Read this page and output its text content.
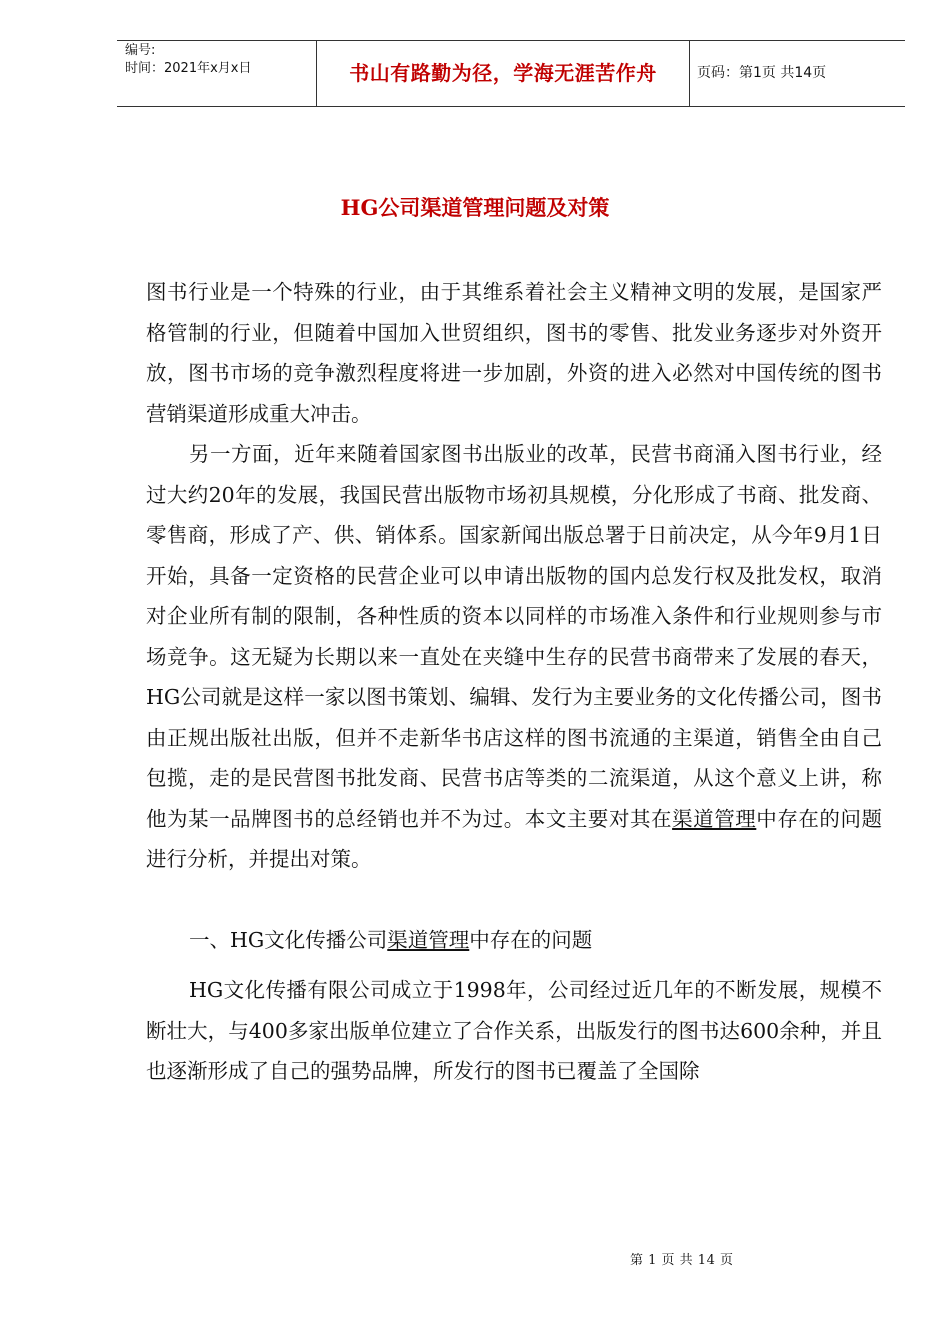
编号:
时间：2021年x月x日	书山有路勤为径，学海无涯苦作舟	页码：第1页 共14页
HG公司渠道管理问题及对策

图书行业是一个特殊的行业，由于其维系着社会主义精神文明的发展，是国家严格管制的行业，但随着中国加入世贸组织，图书的零售、批发业务逐步对外资开放，图书市场的竞争激烈程度将进一步加剧，外资的进入必然对中国传统的图书营销渠道形成重大冲击。

另一方面，近年来随着国家图书出版业的改革，民营书商涌入图书行业，经过大约20年的发展，我国民营出版物市场初具规模，分化形成了书商、批发商、零售商，形成了产、供、销体系。国家新闻出版总署于日前决定，从今年9月1日开始，具备一定资格的民营企业可以申请出版物的国内总发行权及批发权，取消对企业所有制的限制，各种性质的资本以同样的市场准入条件和行业规则参与市场竞争。这无疑为长期以来一直处在夹缝中生存的民营书商带来了发展的春天，HG公司就是这样一家以图书策划、编辑、发行为主要业务的文化传播公司，图书由正规出版社出版，但并不走新华书店这样的图书流通的主渠道，销售全由自己包揽，走的是民营图书批发商、民营书店等类的二流渠道，从这个意义上讲，称他为某一品牌图书的总经销也并不为过。本文主要对其在渠道管理中存在的问题进行分析，并提出对策。

一、HG文化传播公司渠道管理中存在的问题

HG文化传播有限公司成立于1998年，公司经过近几年的不断发展，规模不断壮大，与400多家出版单位建立了合作关系，出版发行的图书达600余种，并且也逐渐形成了自己的强势品牌，所发行的图书已覆盖了全国除

第 1 页 共 14 页
